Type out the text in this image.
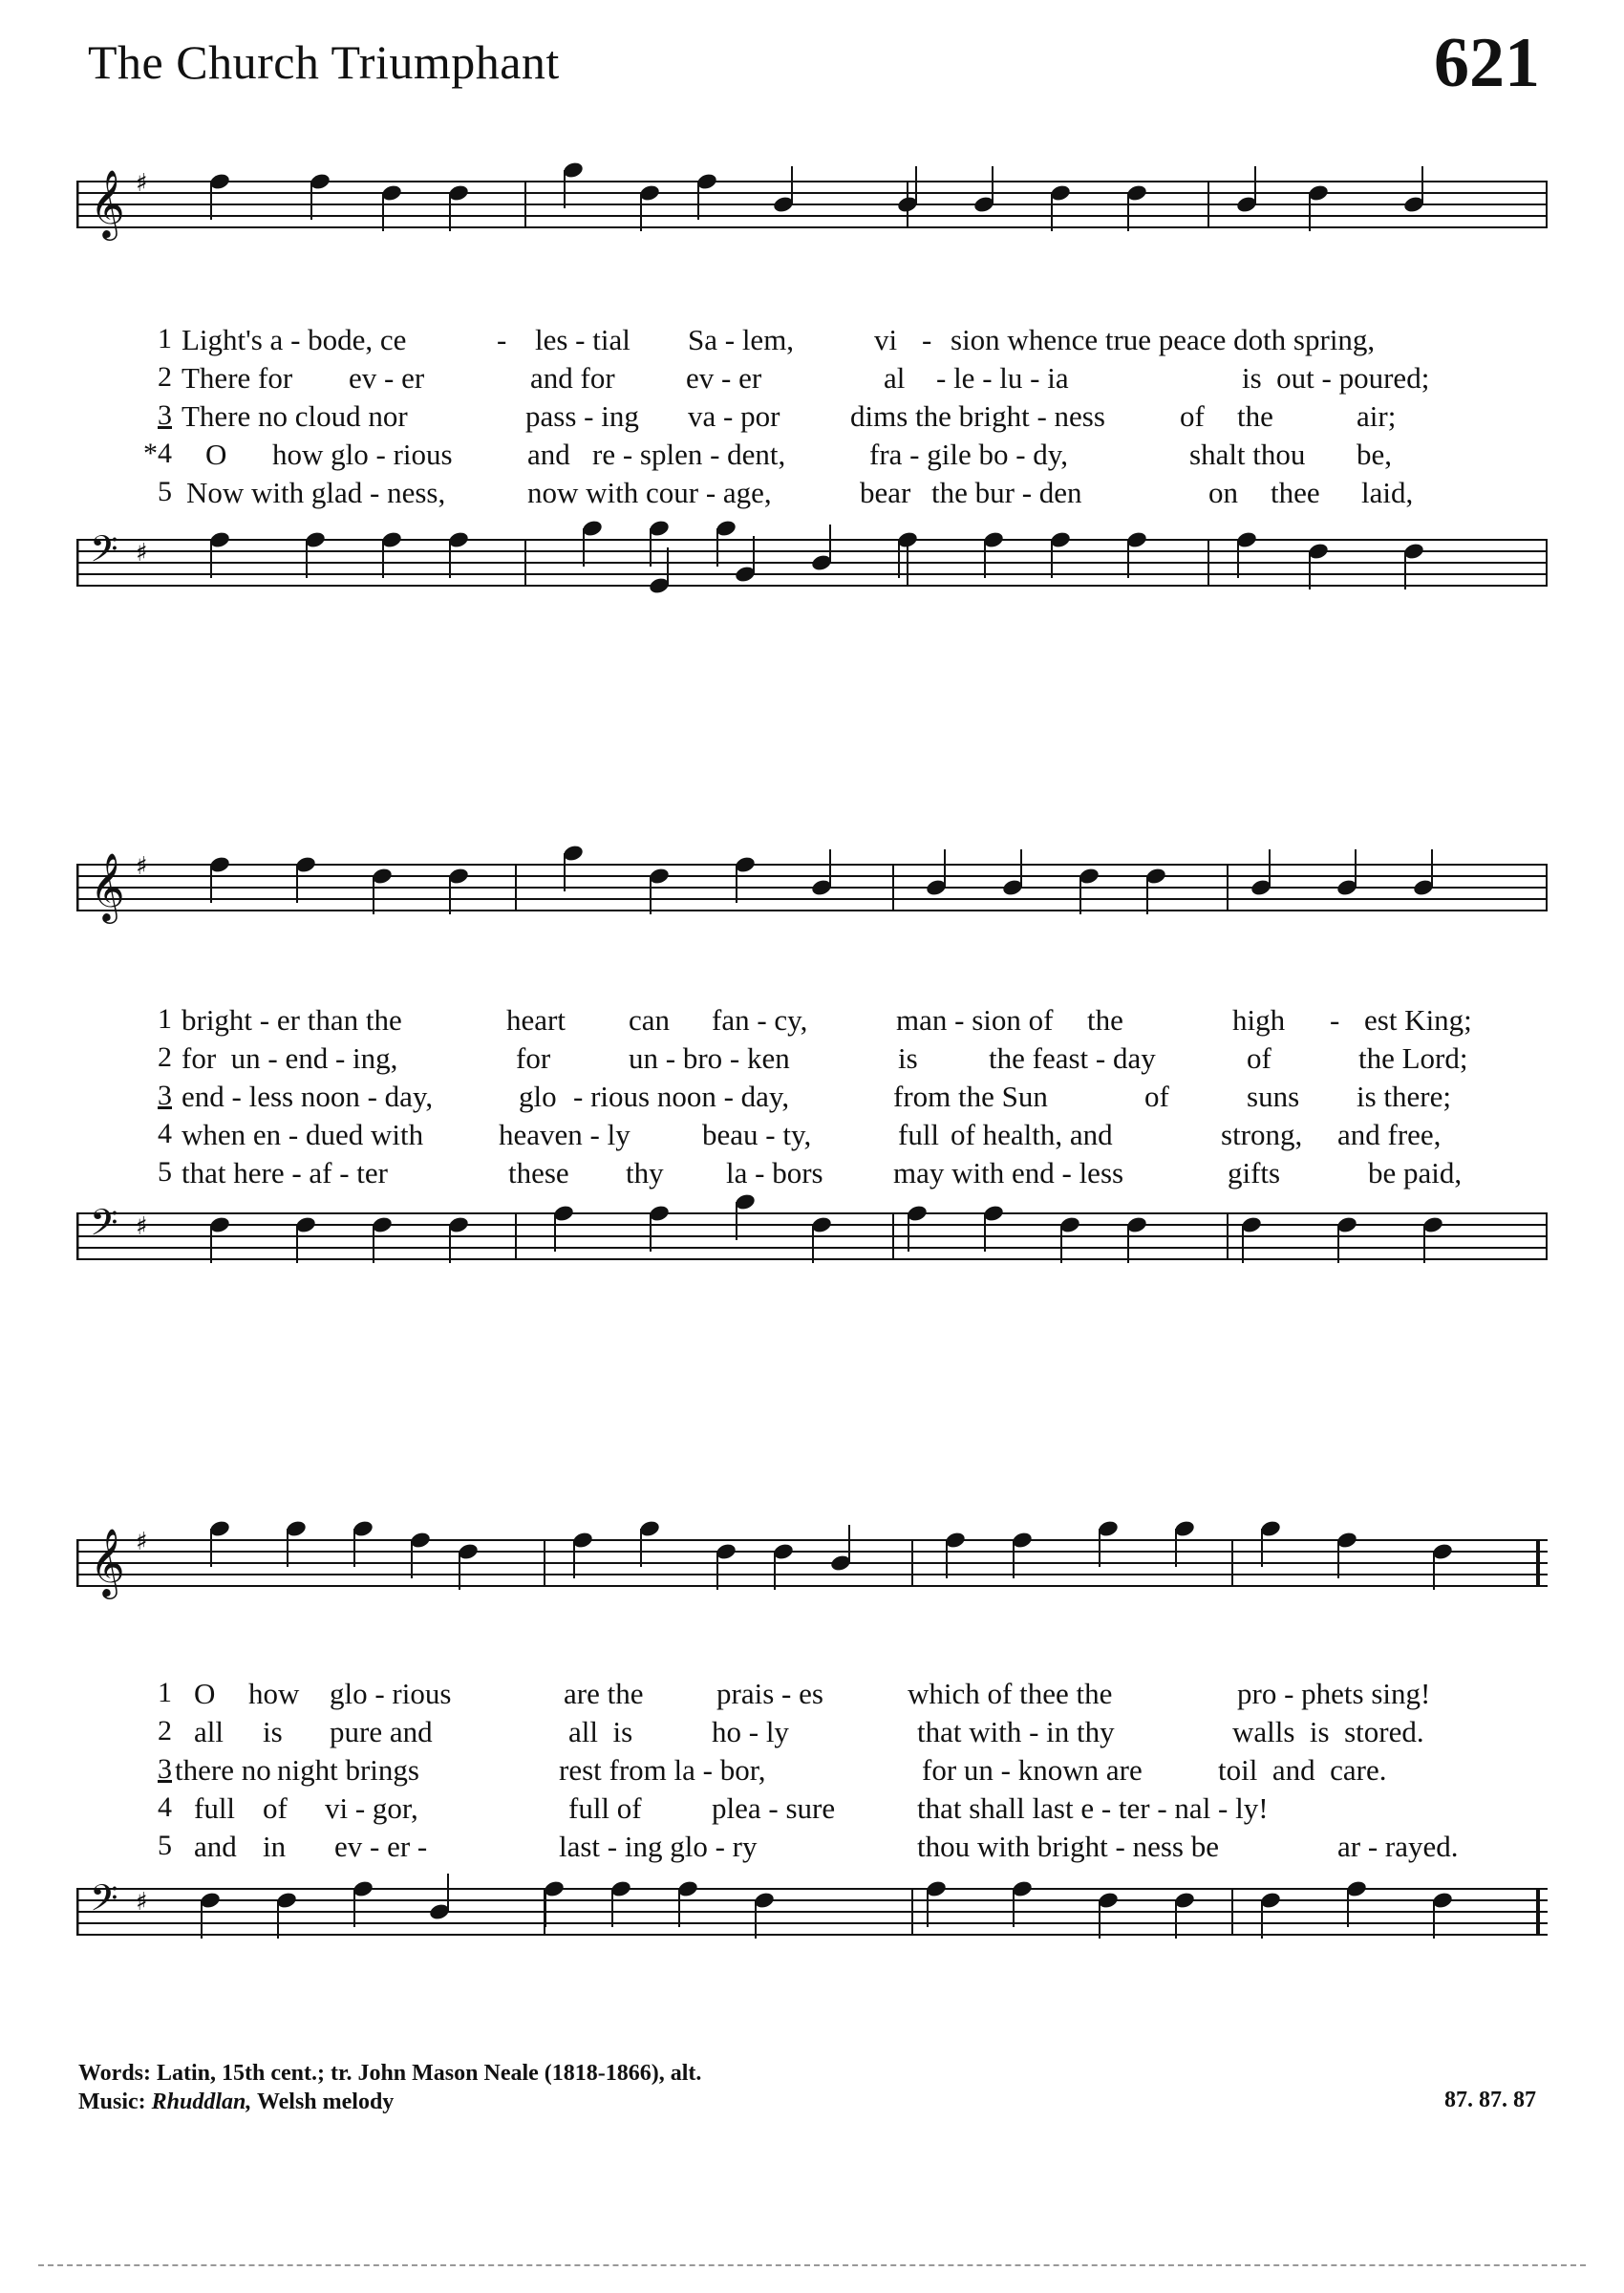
The Church Triumphant	621
𝄞 ♯
1 Light's a - bode, ce	- les - tial Sa - lem,	vi - sion whence true peace doth spring,
2 There for ev - er	and for ev - er	al - le - lu - ia	is  out - poured;
3 There no cloud nor	pass - ing va - por dims the bright - ness	of the	air;
*4 O how glo - rious	and re - splen - dent,	fra - gile bo - dy,	shalt thou be,
5 Now with glad - ness,	now with cour - age,	bear the bur - den	on thee laid,
𝄢 ♯
𝄞 ♯
1 bright - er than the	heart can fan - cy,	man - sion of the	high - est King;
2 for  un - end - ing,	for	un - bro - ken	is the feast - day	of	the Lord;
3 end - less noon - day,	glo - rious noon - day,	from the Sun	of	suns is there;
4 when en - dued with	heaven - ly beau - ty,	full of health, and	strong, and free,
5 that here - af - ter	these thy la - bors may with end - less	gifts	be paid,
𝄢 ♯
𝄞 ♯
1 O how glo - rious	are the prais - es	which of thee the	pro - phets sing!
2 all is pure and	all  is	ho - ly	that with - in thy	walls  is  stored.
3 there no night brings	rest from la - bor,	for un - known are	toil  and  care.
4 full of vi - gor,	full of plea - sure	that shall last e - ter - nal - ly!
5 and in ev - er -	last - ing glo - ry	thou with bright - ness be	ar - rayed.
𝄢 ♯
Words: Latin, 15th cent.; tr. John Mason Neale (1818-1866), alt.
Music: Rhuddlan, Welsh melody	87. 87. 87
